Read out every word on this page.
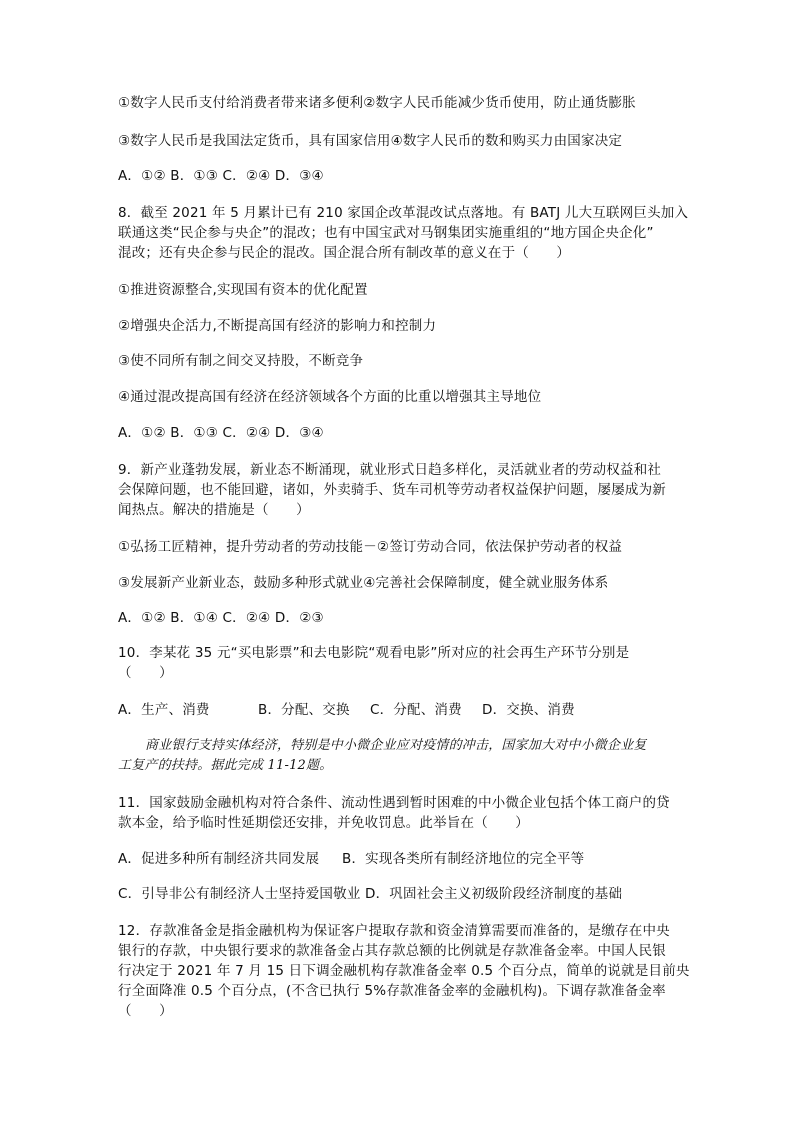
①数字人民币支付给消费者带来诸多便利②数字人民币能减少货币使用，防止通货膨胀
③数字人民币是我国法定货币，具有国家信用④数字人民币的数和购买力由国家决定
A．①② B．①③ C．②④ D．③④
8．截至 2021 年 5 月累计已有 210 家国企改革混改试点落地。有 BATJ 儿大互联网巨头加入
联通这类“民企参与央企”的混改；也有中国宝武对马钢集团实施重组的“地方国企央企化”
混改；还有央企参与民企的混改。国企混合所有制改革的意义在于（　　）
①推进资源整合,实现国有资本的优化配置
②增强央企活力,不断提高国有经济的影响力和控制力
③使不同所有制之间交叉持股，不断竞争
④通过混改提高国有经济在经济领域各个方面的比重以增强其主导地位
A．①② B．①③ C．②④ D．③④
9．新产业蓬勃发展，新业态不断涌现，就业形式日趋多样化，灵活就业者的劳动权益和社
会保障问题，也不能回避，诸如，外卖骑手、货车司机等劳动者权益保护问题，屡屡成为新
闻热点。解决的措施是（　　）
①弘扬工匠精神，提升劳动者的劳动技能－②签订劳动合同，依法保护劳动者的权益
③发展新产业新业态，鼓励多种形式就业④完善社会保障制度，健全就业服务体系
A．①② B．①④ C．②④ D．②③
10．李某花 35 元“买电影票”和去电影院“观看电影”所对应的社会再生产环节分别是
（　　）
A．生产、消费	B．分配、交换 C．分配、消费 D．交换、消费
商业银行支持实体经济，特别是中小微企业应对疫情的冲击，国家加大对中小微企业复
工复产的扶持。据此完成 11-12题。
11．国家鼓励金融机构对符合条件、流动性遇到暂时困难的中小微企业包括个体工商户的贷
款本金，给予临时性延期偿还安排，并免收罚息。此举旨在（　　）
A．促进多种所有制经济共同发展 B．实现各类所有制经济地位的完全平等
C．引导非公有制经济人士坚持爱国敬业 D．巩固社会主义初级阶段经济制度的基础
12．存款准备金是指金融机构为保证客户提取存款和资金清算需要而准备的，是缴存在中央
银行的存款，中央银行要求的款准备金占其存款总额的比例就是存款准备金率。中国人民银
行决定于 2021 年 7 月 15 日下调金融机构存款准备金率 0.5 个百分点，简单的说就是目前央
行全面降准 0.5 个百分点，(不含已执行 5%存款准备金率的金融机构)。下调存款准备金率
（　　）
